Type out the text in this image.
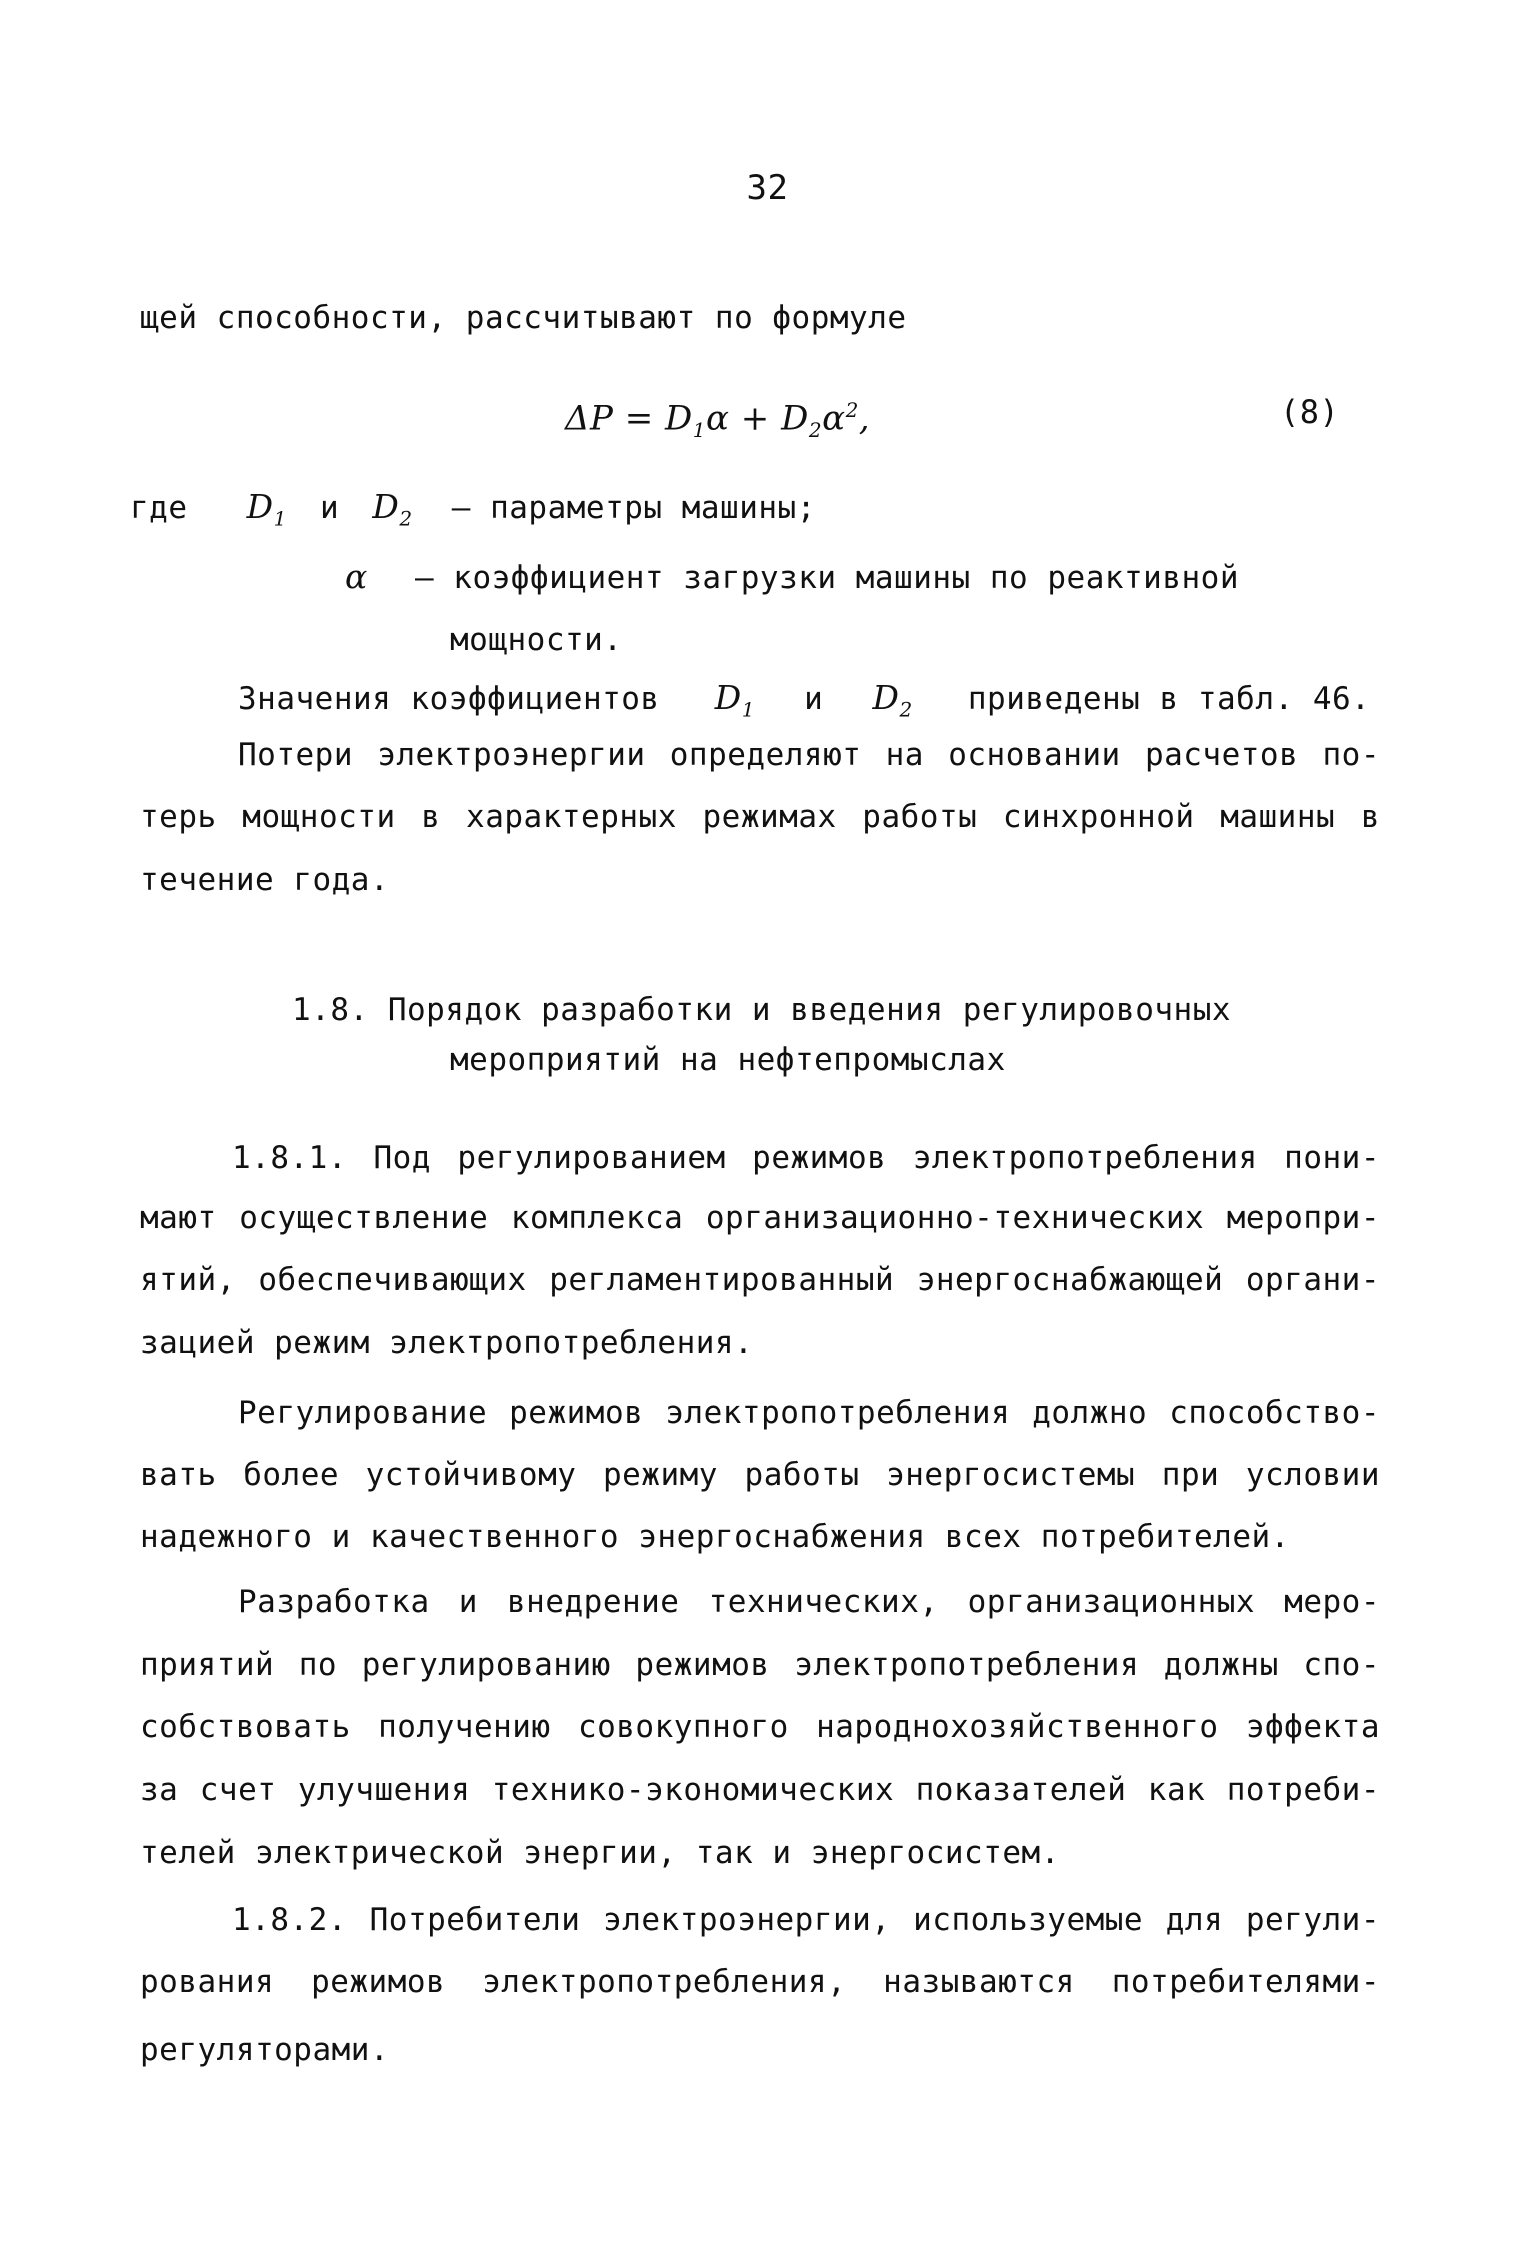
32
щей способности, рассчитывают по формуле
$\Delta P = D_1\alpha + D_2\alpha^2$,	(8)
где $D_1$ и $D_2$ – параметры машины;
α – коэффициент загрузки машины по реактивной
мощности.
Значения коэффициентов $D_1$ и $D_2$ приведены в табл. 46.
Потери электроэнергии определяют на основании расчетов по-
терь мощности в характерных режимах работы синхронной машины в
течение года.
1.8. Порядок разработки и введения регулировочных
мероприятий на нефтепромыслах
1.8.1. Под регулированием режимов электропотребления пони-
мают осуществление комплекса организационно-технических меропри-
ятий, обеспечивающих регламентированный энергоснабжающей органи-
зацией режим электропотребления.
Регулирование режимов электропотребления должно способство-
вать более устойчивому режиму работы энергосистемы при условии
надежного и качественного энергоснабжения всех потребителей.
Разработка и внедрение технических, организационных меро-
приятий по регулированию режимов электропотребления должны спо-
собствовать получению совокупного народнохозяйственного эффекта
за счет улучшения технико-экономических показателей как потреби-
телей электрической энергии, так и энергосистем.
1.8.2. Потребители электроэнергии, используемые для регули-
рования режимов электропотребления, называются потребителями-
регуляторами.
